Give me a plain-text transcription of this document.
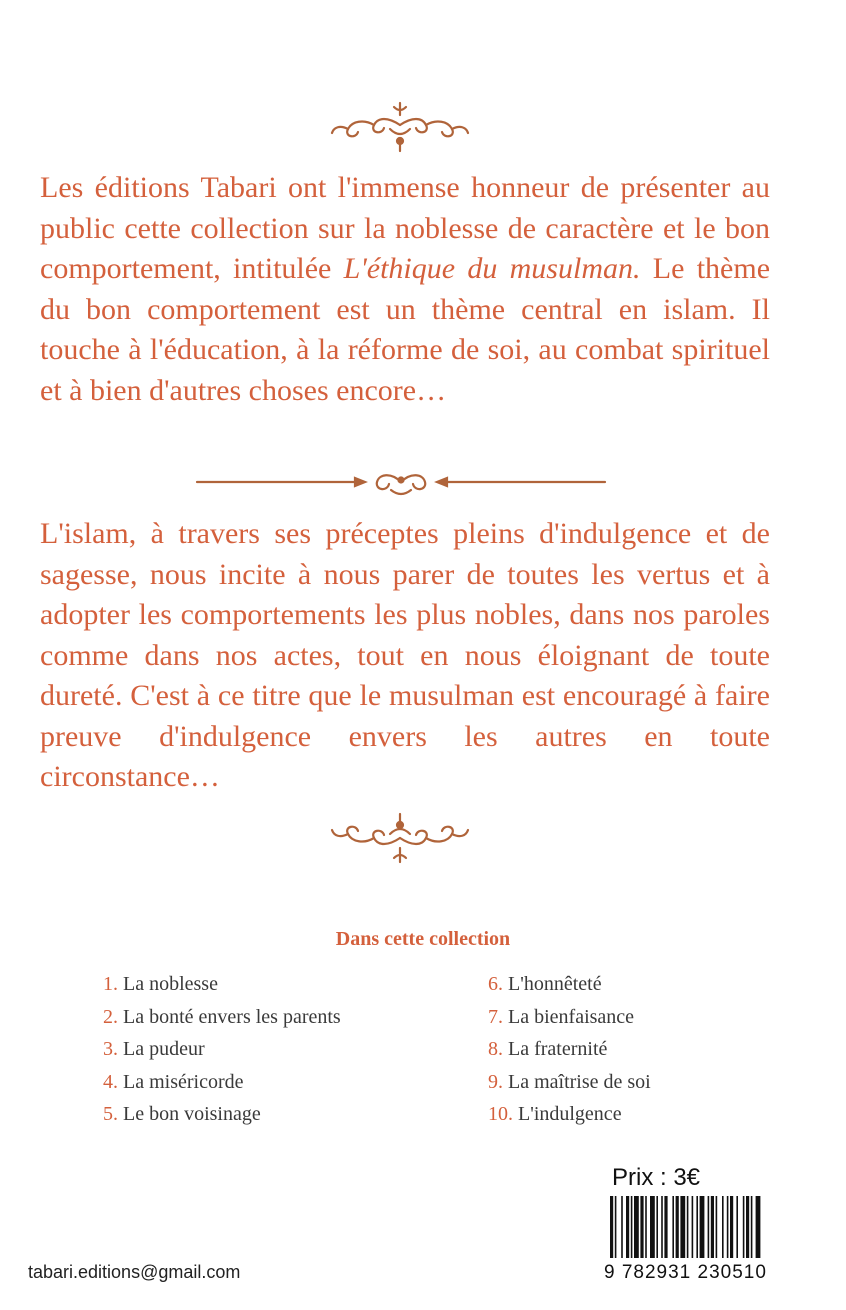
Les éditions Tabari ont l'immense honneur de présenter au public cette collection sur la noblesse de caractère et le bon comportement, intitulée L'éthique du musulman. Le thème du bon comportement est un thème central en islam. Il touche à l'éducation, à la réforme de soi, au combat spirituel et à bien d'autres choses encore…

L'islam, à travers ses préceptes pleins d'indulgence et de sagesse, nous incite à nous parer de toutes les vertus et à adopter les comportements les plus nobles, dans nos paroles comme dans nos actes, tout en nous éloignant de toute dureté. C'est à ce titre que le musulman est encouragé à faire preuve d'indulgence envers les autres en toute circonstance…

Dans cette collection
1. La noblesse
2. La bonté envers les parents
3. La pudeur
4. La miséricorde
5. Le bon voisinage
6. L'honnêteté
7. La bienfaisance
8. La fraternité
9. La maîtrise de soi
10. L'indulgence
Prix : 3€
9 782931 230510
tabari.editions@gmail.com
